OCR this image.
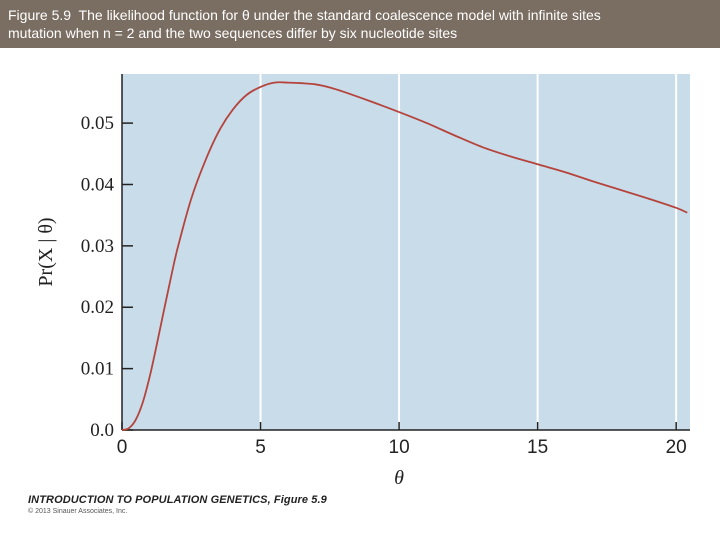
Figure 5.9  The likelihood function for θ under the standard coalescence model with infinite sites
mutation when n = 2 and the two sequences differ by six nucleotide sites
0.0
0.01
0.02
0.03
0.04
0.05
0	5	10	15	20
θ
Pr(X | θ)
INTRODUCTION TO POPULATION GENETICS, Figure 5.9
© 2013 Sinauer Associates, Inc.
